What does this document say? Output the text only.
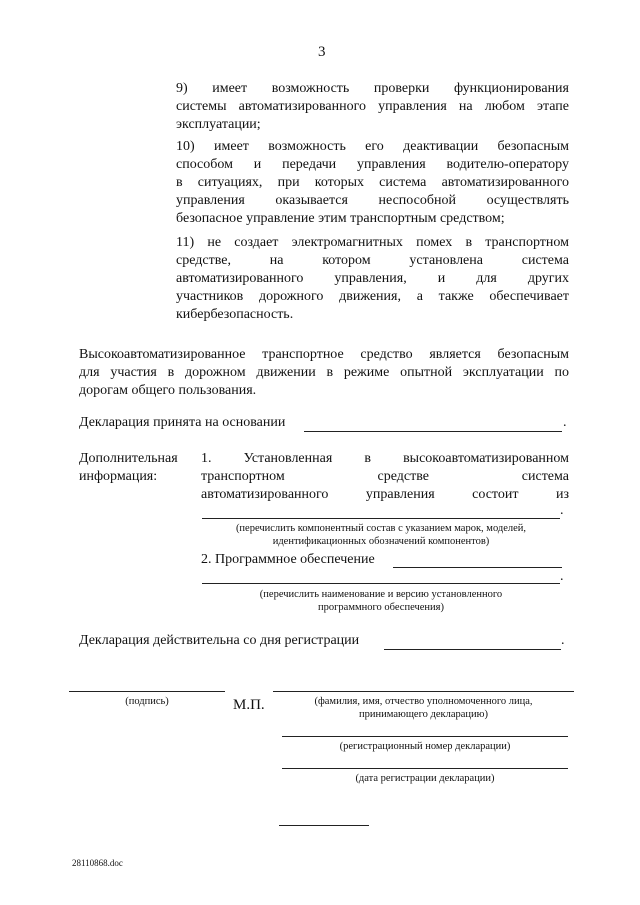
3
9) имеет возможность проверки функционирования
системы автоматизированного управления на любом этапе
эксплуатации;
10) имеет возможность его деактивации безопасным
способом и передачи управления водителю-оператору
в ситуациях, при которых система автоматизированного
управления оказывается неспособной осуществлять
безопасное управление этим транспортным средством;
11) не создает электромагнитных помех в транспортном
средстве, на котором установлена система
автоматизированного управления, и для других
участников дорожного движения, а также обеспечивает
кибербезопасность.
Высокоавтоматизированное транспортное средство является безопасным
для участия в дорожном движении в режиме опытной эксплуатации по
дорогам общего пользования.
Декларация принята на основании	.
Дополнительная
информация:
1. Установленная в высокоавтоматизированном
транспортном средстве система
автоматизированного управления состоит из
.
(перечислить компонентный состав с указанием марок, моделей,
идентификационных обозначений компонентов)
2. Программное обеспечение
.
(перечислить наименование и версию установленного
программного обеспечения)
Декларация действительна со дня регистрации	.
(подпись)	М.П.	(фамилия, имя, отчество уполномоченного лица,
принимающего декларацию)
(регистрационный номер декларации)
(дата регистрации декларации)
28110868.doc
